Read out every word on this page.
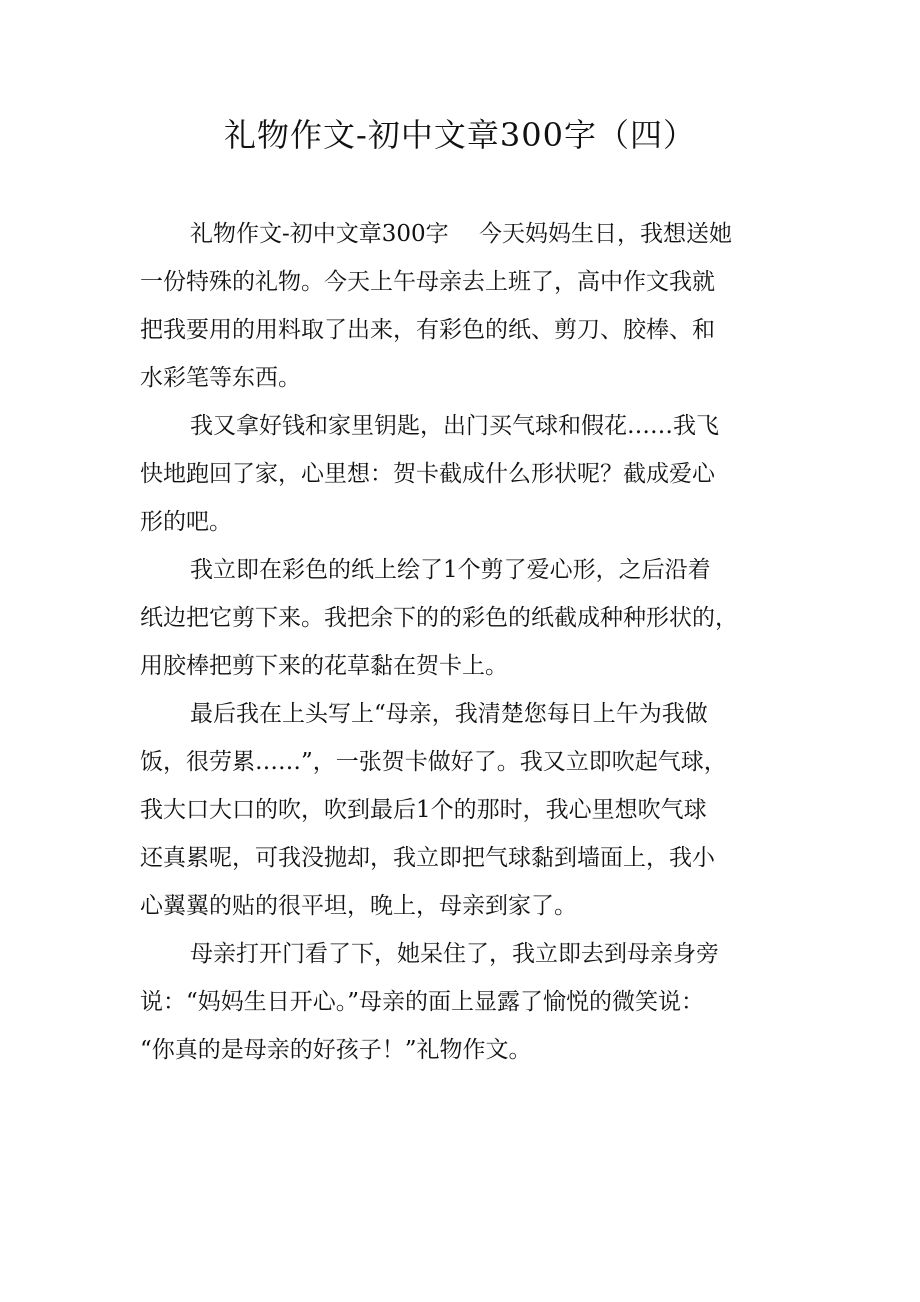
礼物作文-初中文章300字（四）

礼物作文-初中文章300字　 今天妈妈生日，我想送她
一份特殊的礼物。今天上午母亲去上班了，高中作文我就
把我要用的用料取了出来，有彩色的纸、剪刀、胶棒、和
水彩笔等东西。

我又拿好钱和家里钥匙，出门买气球和假花……我飞
快地跑回了家，心里想：贺卡截成什么形状呢？截成爱心
形的吧。

我立即在彩色的纸上绘了1个剪了爱心形，之后沿着
纸边把它剪下来。我把余下的的彩色的纸截成种种形状的，
用胶棒把剪下来的花草黏在贺卡上。

最后我在上头写上“母亲，我清楚您每日上午为我做
饭，很劳累……”，一张贺卡做好了。我又立即吹起气球，
我大口大口的吹，吹到最后1个的那时，我心里想吹气球
还真累呢，可我没抛却，我立即把气球黏到墙面上，我小
心翼翼的贴的很平坦，晚上，母亲到家了。

母亲打开门看了下，她呆住了，我立即去到母亲身旁
说：“妈妈生日开心。”母亲的面上显露了愉悦的微笑说：
“你真的是母亲的好孩子！”礼物作文。
